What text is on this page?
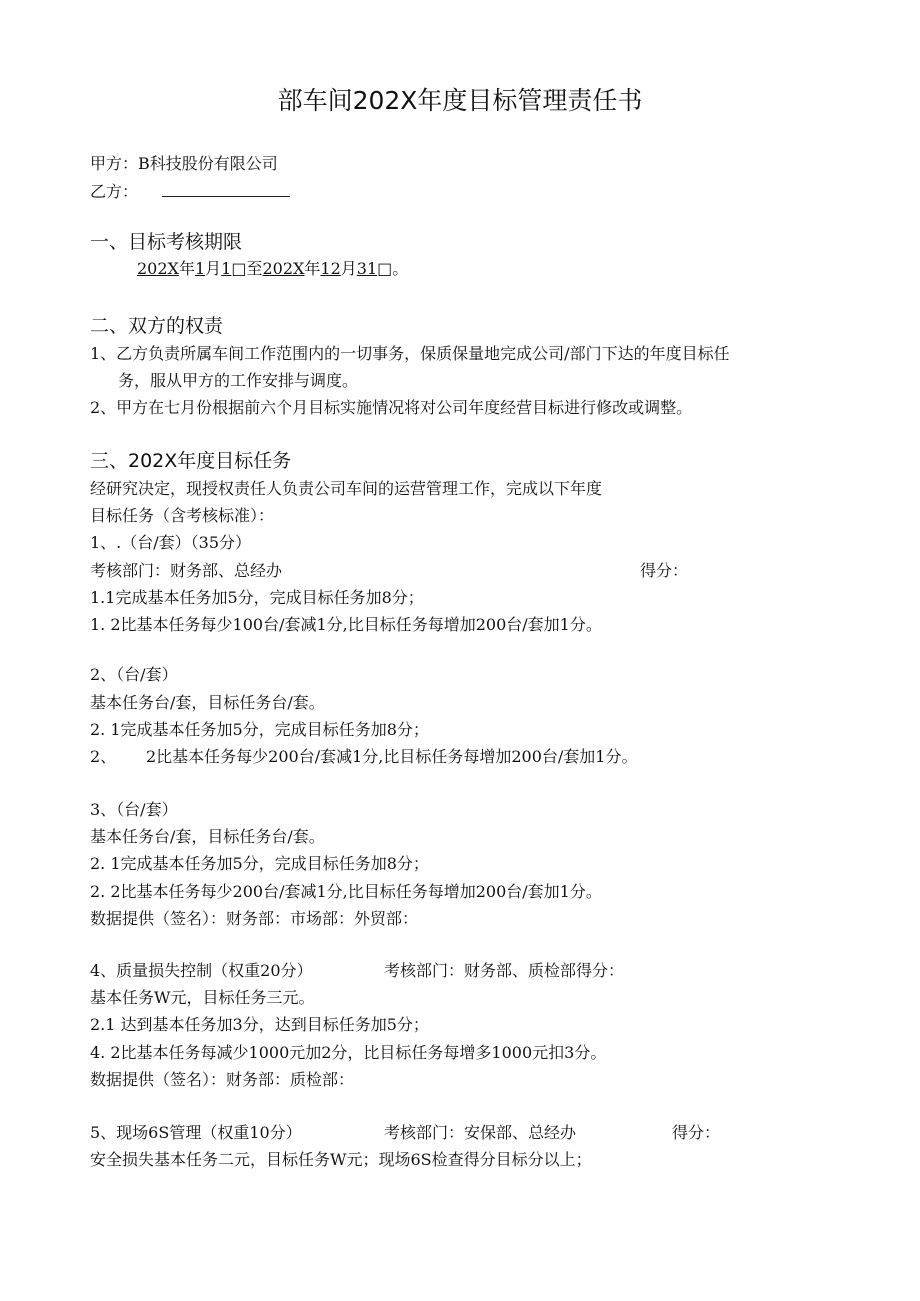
部车间202X年度目标管理责任书
甲方：B科技股份有限公司
乙方：
一、目标考核期限
202X年1月1□至202X年12月31□。
二、双方的权责
1、乙方负责所属车间工作范围内的一切事务，保质保量地完成公司/部门下达的年度目标任
务，服从甲方的工作安排与调度。
2、甲方在七月份根据前六个月目标实施情况将对公司年度经营目标进行修改或调整。
三、202X年度目标任务
经研究决定，现授权责任人负责公司车间的运营管理工作，完成以下年度
目标任务（含考核标准）：
1、.（台/套）（35分）
考核部门：财务部、总经办	得分：
1.1完成基本任务加5分，完成目标任务加8分；
1. 2比基本任务每少100台/套减1分,比目标任务每增加200台/套加1分。
2、（台/套）
基本任务台/套，目标任务台/套。
2. 1完成基本任务加5分，完成目标任务加8分；
2、 2比基本任务每少200台/套减1分,比目标任务每增加200台/套加1分。
3、（台/套）
基本任务台/套，目标任务台/套。
2. 1完成基本任务加5分，完成目标任务加8分；
2. 2比基本任务每少200台/套减1分,比目标任务每增加200台/套加1分。
数据提供（签名）：财务部：市场部：外贸部：
4、质量损失控制（权重20分）	考核部门：财务部、质检部得分：
基本任务W元，目标任务三元。
2.1 达到基本任务加3分，达到目标任务加5分；
4. 2比基本任务每减少1000元加2分，比目标任务每增多1000元扣3分。
数据提供（签名）：财务部：质检部：
5、现场6S管理（权重10分）	考核部门：安保部、总经办	得分：
安全损失基本任务二元，目标任务W元；现场6S检查得分目标分以上；
